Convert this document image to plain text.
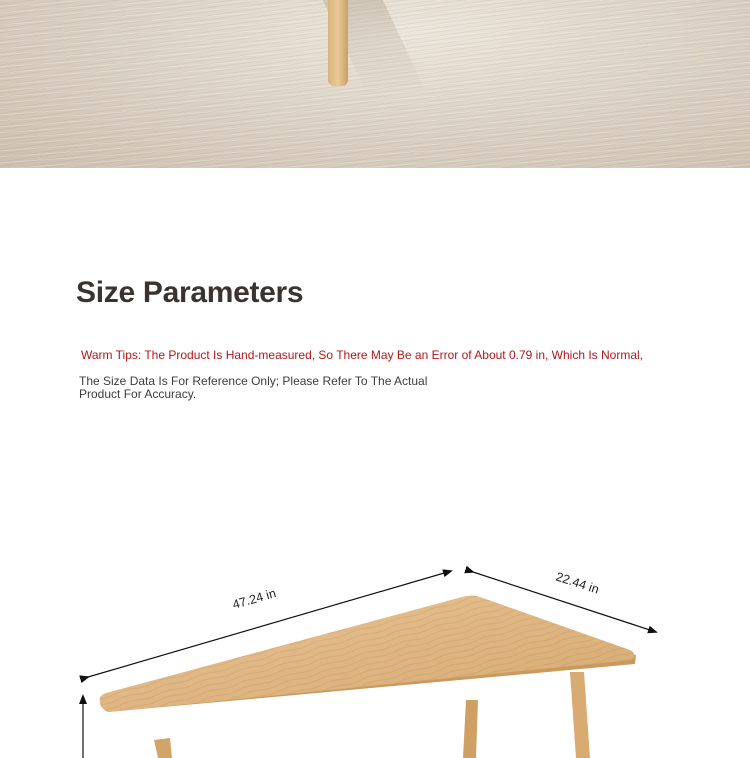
Size Parameters
Warm Tips: The Product Is Hand-measured, So There May Be an Error of About 0.79 in, Which Is Normal,
The Size Data Is For Reference Only; Please Refer To The Actual Product For Accuracy.
47.24 in
22.44 in
